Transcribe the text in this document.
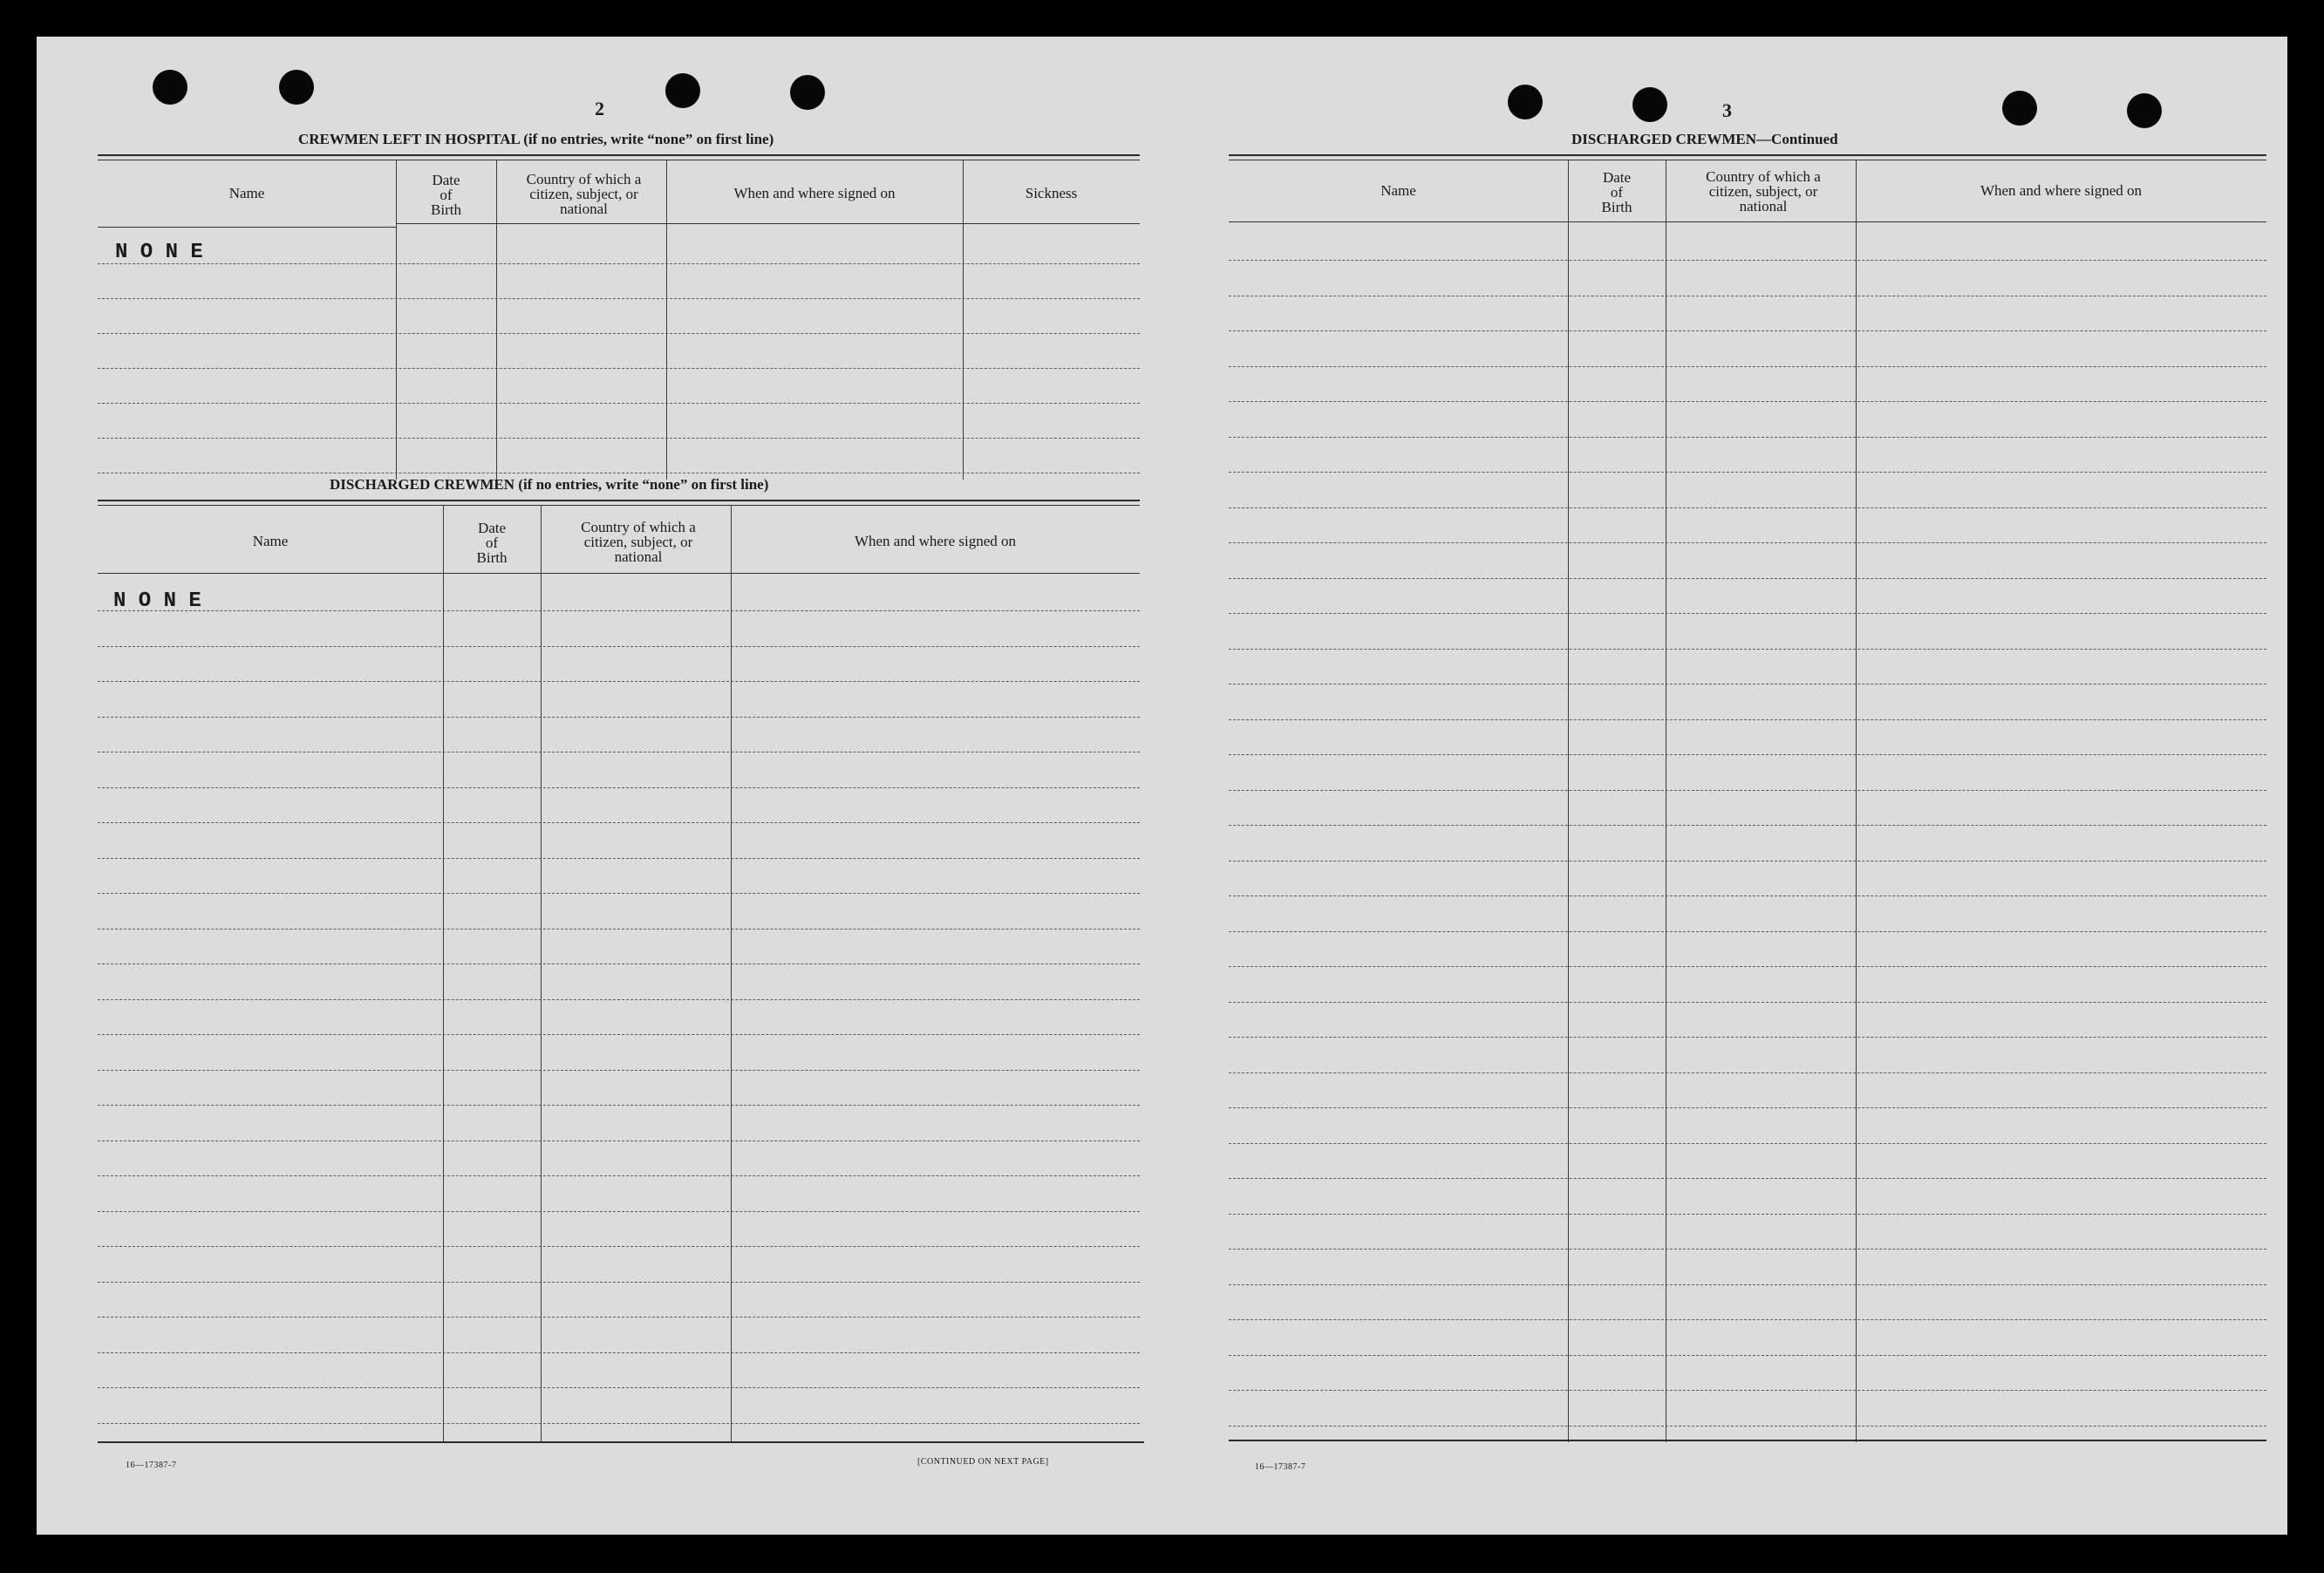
2
CREWMEN LEFT IN HOSPITAL (if no entries, write “none” on first line)
Name
Date
of
Birth
Country of which a
citizen, subject, or
national
When and where signed on	Sickness
N O N E
DISCHARGED CREWMEN (if no entries, write “none” on first line)
Name
Date
of
Birth
Country of which a
citizen, subject, or
national
When and where signed on
N O N E
16—17387-7	[CONTINUED ON NEXT PAGE]
3
DISCHARGED CREWMEN—Continued
Name
Date
of
Birth
Country of which a
citizen, subject, or
national
When and where signed on
16—17387-7
